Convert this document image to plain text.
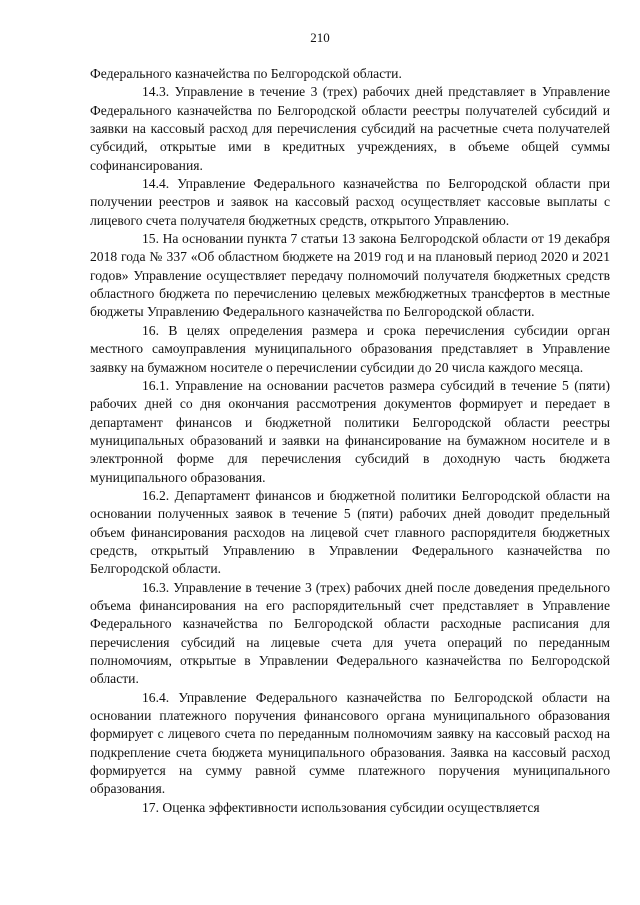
210

Федерального казначейства по Белгородской области.

14.3. Управление в течение 3 (трех) рабочих дней представляет в Управление Федерального казначейства по Белгородской области реестры получателей субсидий и заявки на кассовый расход для перечисления субсидий на расчетные счета получателей субсидий, открытые ими в кредитных учреждениях, в объеме общей суммы софинансирования.

14.4. Управление Федерального казначейства по Белгородской области при получении реестров и заявок на кассовый расход осуществляет кассовые выплаты с лицевого счета получателя бюджетных средств, открытого Управлению.

15. На основании пункта 7 статьи 13 закона Белгородской области от 19 декабря 2018 года № 337 «Об областном бюджете на 2019 год и на плановый период 2020 и 2021 годов» Управление осуществляет передачу полномочий получателя бюджетных средств областного бюджета по перечислению целевых межбюджетных трансфертов в местные бюджеты Управлению Федерального казначейства по Белгородской области.

16. В целях определения размера и срока перечисления субсидии орган местного самоуправления муниципального образования представляет в Управление заявку на бумажном носителе о перечислении субсидии до 20 числа каждого месяца.

16.1. Управление на основании расчетов размера субсидий в течение 5 (пяти) рабочих дней со дня окончания рассмотрения документов формирует и передает в департамент финансов и бюджетной политики Белгородской области реестры муниципальных образований и заявки на финансирование на бумажном носителе и в электронной форме для перечисления субсидий в доходную часть бюджета муниципального образования.

16.2. Департамент финансов и бюджетной политики Белгородской области на основании полученных заявок в течение 5 (пяти) рабочих дней доводит предельный объем финансирования расходов на лицевой счет главного распорядителя бюджетных средств, открытый Управлению в Управлении Федерального казначейства по Белгородской области.

16.3. Управление в течение 3 (трех) рабочих дней после доведения предельного объема финансирования на его распорядительный счет представляет в Управление Федерального казначейства по Белгородской области расходные расписания для перечисления субсидий на лицевые счета для учета операций по переданным полномочиям, открытые в Управлении Федерального казначейства по Белгородской области.

16.4. Управление Федерального казначейства по Белгородской области на основании платежного поручения финансового органа муниципального образования формирует с лицевого счета по переданным полномочиям заявку на кассовый расход на подкрепление счета бюджета муниципального образования. Заявка на кассовый расход формируется на сумму равной сумме платежного поручения муниципального образования.

17. Оценка эффективности использования субсидии осуществляется
